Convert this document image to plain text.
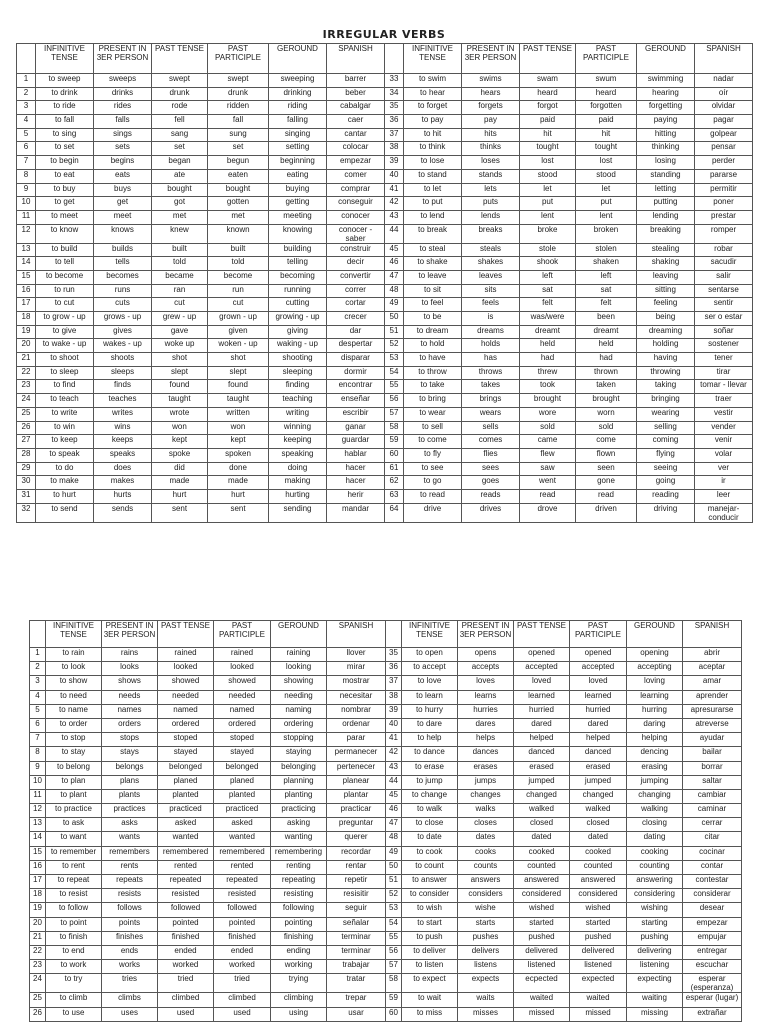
IRREGULAR VERBS
	INFINITIVE TENSE	PRESENT IN 3ER PERSON	PAST TENSE	PAST PARTICIPLE	GEROUND	SPANISH		INFINITIVE TENSE	PRESENT IN 3ER PERSON	PAST TENSE	PAST PARTICIPLE	GEROUND	SPANISH
1	to sweep	sweeps	swept	swept	sweeping	barrer	33	to swim	swims	swam	swum	swimming	nadar
2	to drink	drinks	drunk	drunk	drinking	beber	34	to hear	hears	heard	heard	hearing	oír
3	to ride	rides	rode	ridden	riding	cabalgar	35	to forget	forgets	forgot	forgotten	forgetting	olvidar
4	to fall	falls	fell	fall	falling	caer	36	to pay	pay	paid	paid	paying	pagar
5	to sing	sings	sang	sung	singing	cantar	37	to hit	hits	hit	hit	hitting	golpear
6	to set	sets	set	set	setting	colocar	38	to think	thinks	tought	tought	thinking	pensar
7	to begin	begins	began	begun	beginning	empezar	39	to lose	loses	lost	lost	losing	perder
8	to eat	eats	ate	eaten	eating	comer	40	to stand	stands	stood	stood	standing	pararse
9	to buy	buys	bought	bought	buying	comprar	41	to let	lets	let	let	letting	permitir
10	to get	get	got	gotten	getting	conseguir	42	to put	puts	put	put	putting	poner
11	to meet	meet	met	met	meeting	conocer	43	to lend	lends	lent	lent	lending	prestar
12	to know	knows	knew	known	knowing	conocer - saber	44	to break	breaks	broke	broken	breaking	romper
13	to build	builds	built	built	building	construir	45	to steal	steals	stole	stolen	stealing	robar
14	to tell	tells	told	told	telling	decir	46	to shake	shakes	shook	shaken	shaking	sacudir
15	to become	becomes	became	become	becoming	convertir	47	to leave	leaves	left	left	leaving	salir
16	to run	runs	ran	run	running	correr	48	to sit	sits	sat	sat	sitting	sentarse
17	to cut	cuts	cut	cut	cutting	cortar	49	to feel	feels	felt	felt	feeling	sentir
18	to grow - up	grows - up	grew - up	grown - up	growing - up	crecer	50	to be	is	was/were	been	being	ser o estar
19	to give	gives	gave	given	giving	dar	51	to dream	dreams	dreamt	dreamt	dreaming	soñar
20	to wake - up	wakes - up	woke up	woken - up	waking - up	despertar	52	to hold	holds	held	held	holding	sostener
21	to shoot	shoots	shot	shot	shooting	disparar	53	to have	has	had	had	having	tener
22	to sleep	sleeps	slept	slept	sleeping	dormir	54	to throw	throws	threw	thrown	throwing	tirar
23	to find	finds	found	found	finding	encontrar	55	to take	takes	took	taken	taking	tomar - llevar
24	to teach	teaches	taught	taught	teaching	enseñar	56	to bring	brings	brought	brought	bringing	traer
25	to write	writes	wrote	written	writing	escribir	57	to wear	wears	wore	worn	wearing	vestir
26	to win	wins	won	won	winning	ganar	58	to sell	sells	sold	sold	selling	vender
27	to keep	keeps	kept	kept	keeping	guardar	59	to come	comes	came	come	coming	venir
28	to speak	speaks	spoke	spoken	speaking	hablar	60	to fly	flies	flew	flown	flying	volar
29	to do	does	did	done	doing	hacer	61	to see	sees	saw	seen	seeing	ver
30	to make	makes	made	made	making	hacer	62	to go	goes	went	gone	going	ir
31	to hurt	hurts	hurt	hurt	hurting	herir	63	to read	reads	read	read	reading	leer
32	to send	sends	sent	sent	sending	mandar	64	drive	drives	drove	driven	driving	manejar- conducir
	INFINITIVE TENSE	PRESENT IN 3ER PERSON	PAST TENSE	PAST PARTICIPLE	GEROUND	SPANISH		INFINITIVE TENSE	PRESENT IN 3ER PERSON	PAST TENSE	PAST PARTICIPLE	GEROUND	SPANISH
1	to rain	rains	rained	rained	raining	llover	35	to open	opens	opened	opened	opening	abrir
2	to look	looks	looked	looked	looking	mirar	36	to accept	accepts	accepted	accepted	accepting	aceptar
3	to show	shows	showed	showed	showing	mostrar	37	to love	loves	loved	loved	loving	amar
4	to need	needs	needed	needed	needing	necesitar	38	to learn	learns	learned	learned	learning	aprender
5	to name	names	named	named	naming	nombrar	39	to hurry	hurries	hurried	hurried	hurring	apresurarse
6	to order	orders	ordered	ordered	ordering	ordenar	40	to dare	dares	dared	dared	daring	atreverse
7	to stop	stops	stoped	stoped	stopping	parar	41	to help	helps	helped	helped	helping	ayudar
8	to stay	stays	stayed	stayed	staying	permanecer	42	to dance	dances	danced	danced	dencing	bailar
9	to belong	belongs	belonged	belonged	belonging	pertenecer	43	to erase	erases	erased	erased	erasing	borrar
10	to plan	plans	planed	planed	planning	planear	44	to jump	jumps	jumped	jumped	jumping	saltar
11	to plant	plants	planted	planted	planting	plantar	45	to change	changes	changed	changed	changing	cambiar
12	to practice	practices	practiced	practiced	practicing	practicar	46	to walk	walks	walked	walked	walking	caminar
13	to ask	asks	asked	asked	asking	preguntar	47	to close	closes	closed	closed	closing	cerrar
14	to want	wants	wanted	wanted	wanting	querer	48	to date	dates	dated	dated	dating	citar
15	to remember	remembers	remembered	remembered	remembering	recordar	49	to cook	cooks	cooked	cooked	cooking	cocinar
16	to rent	rents	rented	rented	renting	rentar	50	to count	counts	counted	counted	counting	contar
17	to repeat	repeats	repeated	repeated	repeating	repetir	51	to answer	answers	answered	answered	answering	contestar
18	to resist	resists	resisted	resisted	resisting	resisitir	52	to consider	considers	considered	considered	considering	considerar
19	to follow	follows	followed	followed	following	seguir	53	to wish	wishe	wished	wished	wishing	desear
20	to point	points	pointed	pointed	pointing	señalar	54	to start	starts	started	started	starting	empezar
21	to finish	finishes	finished	finished	finishing	terminar	55	to push	pushes	pushed	pushed	pushing	empujar
22	to end	ends	ended	ended	ending	terminar	56	to deliver	delivers	delivered	delivered	delivering	entregar
23	to work	works	worked	worked	working	trabajar	57	to listen	listens	listened	listened	listening	escuchar
24	to try	tries	tried	tried	trying	tratar	58	to expect	expects	ecpected	expected	expecting	esperar (esperanza)
25	to climb	climbs	climbed	climbed	climbing	trepar	59	to wait	waits	waited	waited	waiting	esperar (lugar)
26	to use	uses	used	used	using	usar	60	to miss	misses	missed	missed	missing	extrañar
